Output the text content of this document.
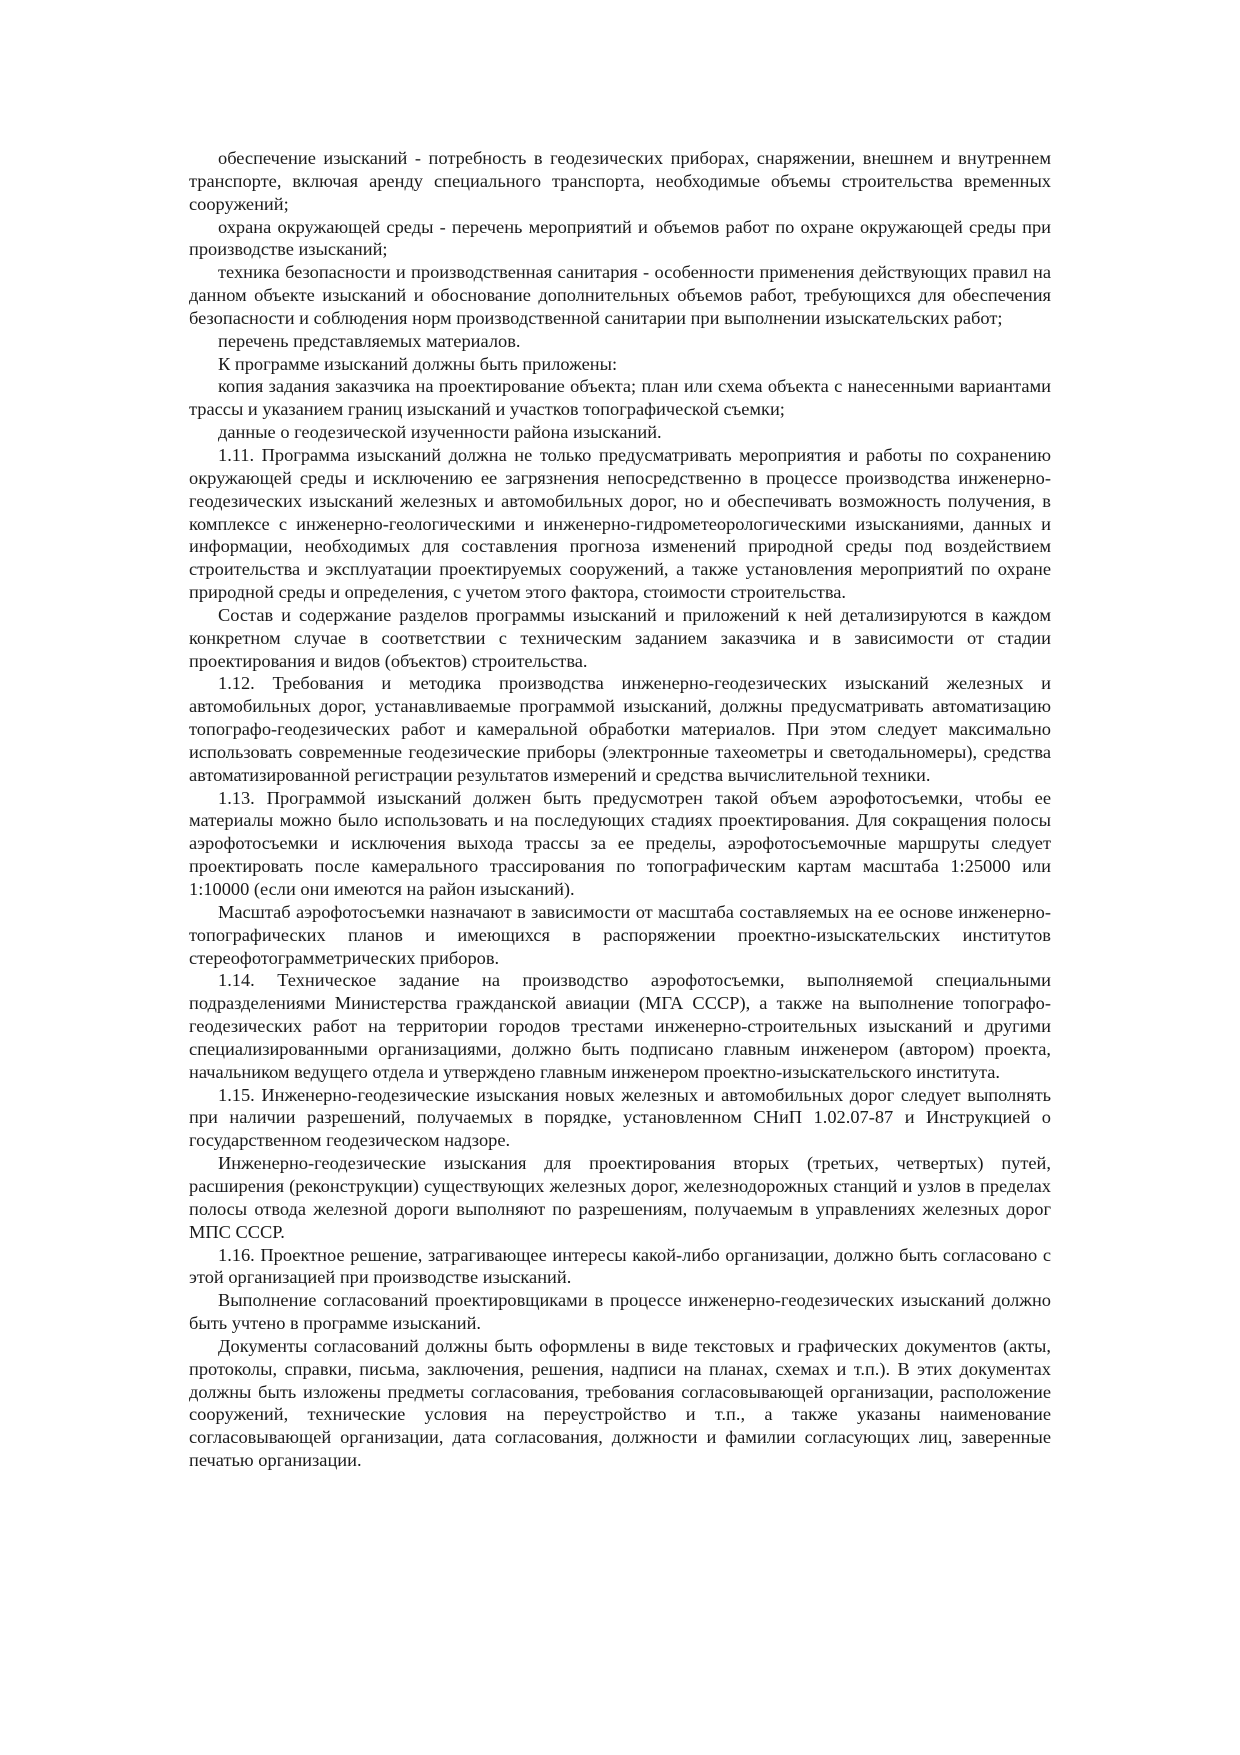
обеспечение изысканий - потребность в геодезических приборах, снаряжении, внешнем и внутреннем транспорте, включая аренду специального транспорта, необходимые объемы строительства временных сооружений;

охрана окружающей среды - перечень мероприятий и объемов работ по охране окружающей среды при производстве изысканий;

техника безопасности и производственная санитария - особенности применения действующих правил на данном объекте изысканий и обоснование дополнительных объемов работ, требующихся для обеспечения безопасности и соблюдения норм производственной санитарии при выполнении изыскательских работ;

перечень представляемых материалов.

К программе изысканий должны быть приложены:

копия задания заказчика на проектирование объекта; план или схема объекта с нанесенными вариантами трассы и указанием границ изысканий и участков топографической съемки;

данные о геодезической изученности района изысканий.

1.11. Программа изысканий должна не только предусматривать мероприятия и работы по сохранению окружающей среды и исключению ее загрязнения непосредственно в процессе производства инженерно-геодезических изысканий железных и автомобильных дорог, но и обеспечивать возможность получения, в комплексе с инженерно-геологическими и инженерно-гидрометеорологическими изысканиями, данных и информации, необходимых для составления прогноза изменений природной среды под воздействием строительства и эксплуатации проектируемых сооружений, а также установления мероприятий по охране природной среды и определения, с учетом этого фактора, стоимости строительства.

Состав и содержание разделов программы изысканий и приложений к ней детализируются в каждом конкретном случае в соответствии с техническим заданием заказчика и в зависимости от стадии проектирования и видов (объектов) строительства.

1.12. Требования и методика производства инженерно-геодезических изысканий железных и автомобильных дорог, устанавливаемые программой изысканий, должны предусматривать автоматизацию топографо-геодезических работ и камеральной обработки материалов. При этом следует максимально использовать современные геодезические приборы (электронные тахеометры и светодальномеры), средства автоматизированной регистрации результатов измерений и средства вычислительной техники.

1.13. Программой изысканий должен быть предусмотрен такой объем аэрофотосъемки, чтобы ее материалы можно было использовать и на последующих стадиях проектирования. Для сокращения полосы аэрофотосъемки и исключения выхода трассы за ее пределы, аэрофотосъемочные маршруты следует проектировать после камерального трассирования по топографическим картам масштаба 1:25000 или 1:10000 (если они имеются на район изысканий).

Масштаб аэрофотосъемки назначают в зависимости от масштаба составляемых на ее основе инженерно-топографических планов и имеющихся в распоряжении проектно-изыскательских институтов стереофотограмметрических приборов.

1.14. Техническое задание на производство аэрофотосъемки, выполняемой специальными подразделениями Министерства гражданской авиации (МГА СССР), а также на выполнение топографо-геодезических работ на территории городов трестами инженерно-строительных изысканий и другими специализированными организациями, должно быть подписано главным инженером (автором) проекта, начальником ведущего отдела и утверждено главным инженером проектно-изыскательского института.

1.15. Инженерно-геодезические изыскания новых железных и автомобильных дорог следует выполнять при наличии разрешений, получаемых в порядке, установленном СНиП 1.02.07-87 и Инструкцией о государственном геодезическом надзоре.

Инженерно-геодезические изыскания для проектирования вторых (третьих, четвертых) путей, расширения (реконструкции) существующих железных дорог, железнодорожных станций и узлов в пределах полосы отвода железной дороги выполняют по разрешениям, получаемым в управлениях железных дорог МПС СССР.

1.16. Проектное решение, затрагивающее интересы какой-либо организации, должно быть согласовано с этой организацией при производстве изысканий.

Выполнение согласований проектировщиками в процессе инженерно-геодезических изысканий должно быть учтено в программе изысканий.

Документы согласований должны быть оформлены в виде текстовых и графических документов (акты, протоколы, справки, письма, заключения, решения, надписи на планах, схемах и т.п.). В этих документах должны быть изложены предметы согласования, требования согласовывающей организации, расположение сооружений, технические условия на переустройство и т.п., а также указаны наименование согласовывающей организации, дата согласования, должности и фамилии согласующих лиц, заверенные печатью организации.
